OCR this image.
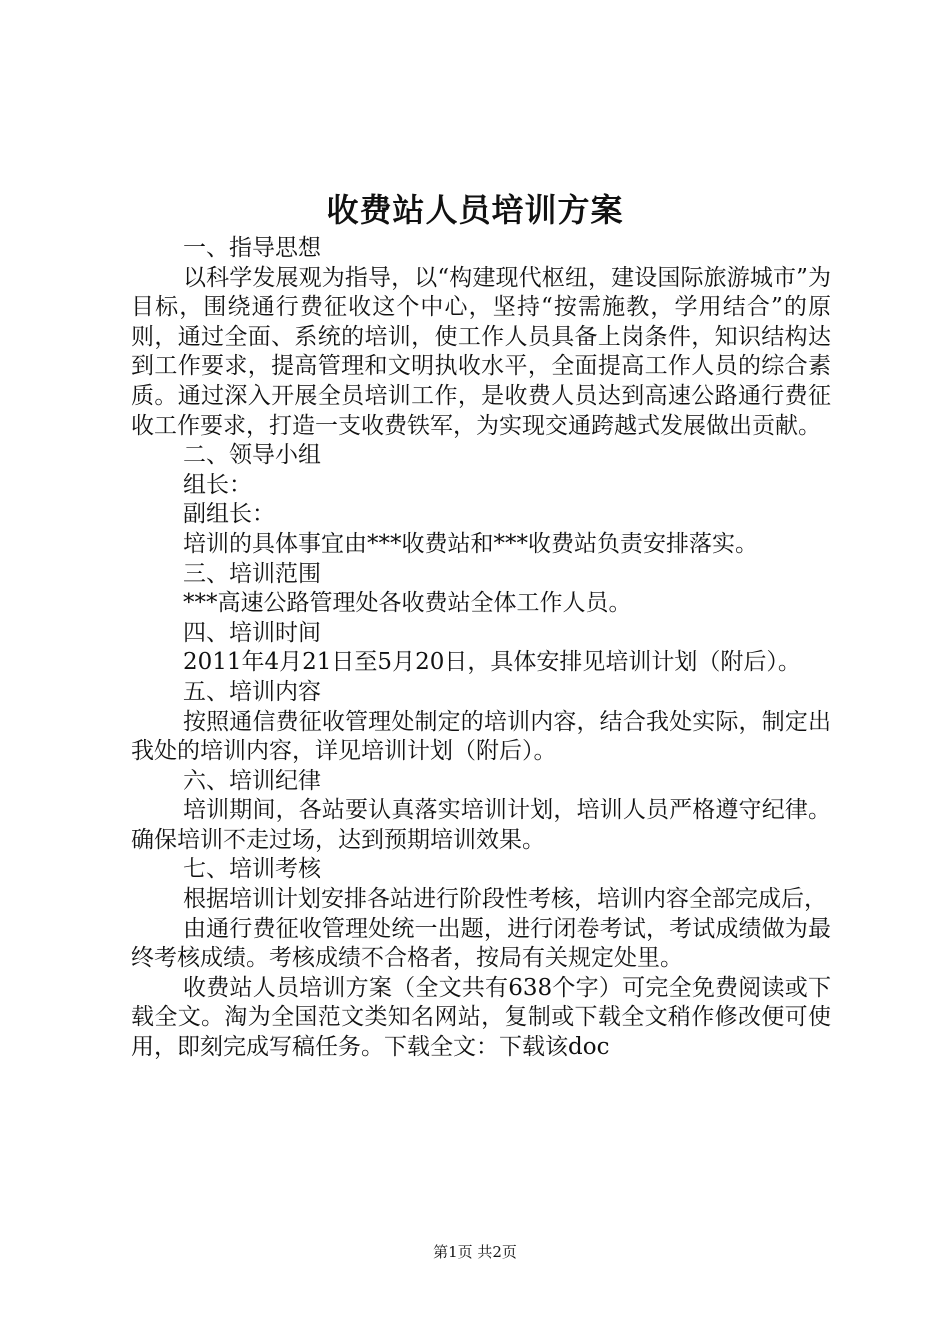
收费站人员培训方案

一、指导思想

以科学发展观为指导，以“构建现代枢纽，建设国际旅游城市”为目标，围绕通行费征收这个中心，坚持“按需施教，学用结合”的原则，通过全面、系统的培训，使工作人员具备上岗条件，知识结构达到工作要求，提高管理和文明执收水平，全面提高工作人员的综合素质。通过深入开展全员培训工作，是收费人员达到高速公路通行费征收工作要求，打造一支收费铁军，为实现交通跨越式发展做出贡献。

二、领导小组

组长：

副组长：

培训的具体事宜由***收费站和***收费站负责安排落实。

三、培训范围

***高速公路管理处各收费站全体工作人员。

四、培训时间

2011年4月21日至5月20日，具体安排见培训计划（附后）。

五、培训内容

按照通信费征收管理处制定的培训内容，结合我处实际，制定出我处的培训内容，详见培训计划（附后）。

六、培训纪律

培训期间，各站要认真落实培训计划，培训人员严格遵守纪律。确保培训不走过场，达到预期培训效果。

七、培训考核

根据培训计划安排各站进行阶段性考核，培训内容全部完成后，

由通行费征收管理处统一出题，进行闭卷考试，考试成绩做为最终考核成绩。考核成绩不合格者，按局有关规定处里。

收费站人员培训方案（全文共有638个字）可完全免费阅读或下载全文。淘为全国范文类知名网站，复制或下载全文稍作修改便可使用，即刻完成写稿任务。下载全文：下载该doc

第1页 共2页
